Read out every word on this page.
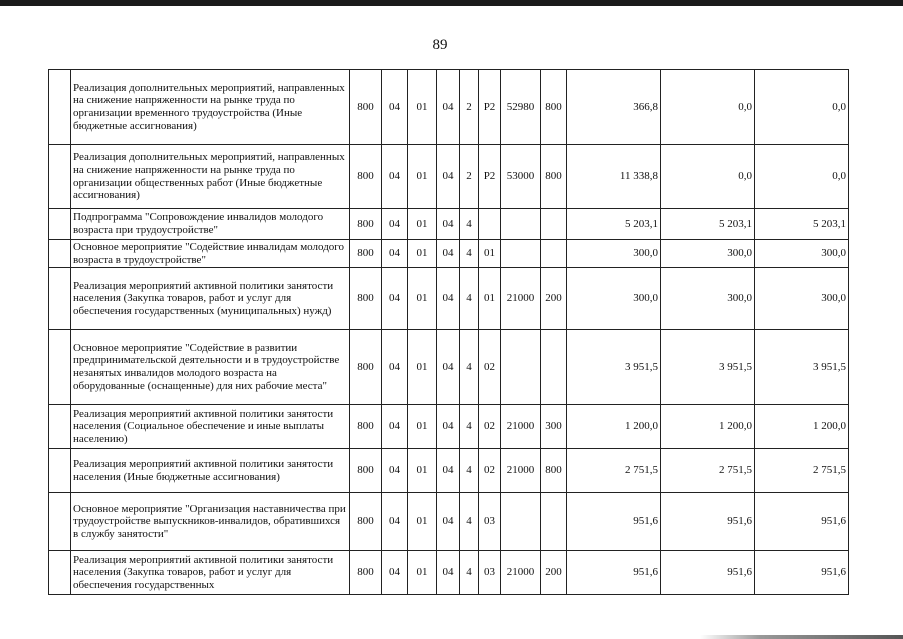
89
	Реализация дополнительных мероприятий, направленных на снижение напряженности на рынке труда по организации временного трудоустройства (Иные бюджетные ассигнования)	800	04	01	04	2	P2	52980	800	366,8	0,0	0,0
	Реализация дополнительных мероприятий, направленных на снижение напряженности на рынке труда по организации общественных работ (Иные бюджетные ассигнования)	800	04	01	04	2	P2	53000	800	11 338,8	0,0	0,0
	Подпрограмма "Сопровождение инвалидов молодого возраста при трудоустройстве"	800	04	01	04	4				5 203,1	5 203,1	5 203,1
	Основное мероприятие "Содействие инвалидам молодого возраста в трудоустройстве"	800	04	01	04	4	01			300,0	300,0	300,0
	Реализация мероприятий активной политики занятости населения (Закупка товаров, работ и услуг для обеспечения государственных (муниципальных) нужд)	800	04	01	04	4	01	21000	200	300,0	300,0	300,0
	Основное мероприятие "Содействие в развитии предпринимательской деятельности и в трудоустройстве незанятых инвалидов молодого возраста на оборудованные (оснащенные) для них рабочие места"	800	04	01	04	4	02			3 951,5	3 951,5	3 951,5
	Реализация мероприятий активной политики занятости населения (Социальное обеспечение и иные выплаты населению)	800	04	01	04	4	02	21000	300	1 200,0	1 200,0	1 200,0
	Реализация мероприятий активной политики занятости населения (Иные бюджетные ассигнования)	800	04	01	04	4	02	21000	800	2 751,5	2 751,5	2 751,5
	Основное мероприятие "Организация наставничества при трудоустройстве выпускников-инвалидов, обратившихся в службу занятости"	800	04	01	04	4	03			951,6	951,6	951,6
	Реализация мероприятий активной политики занятости населения (Закупка товаров, работ и услуг для обеспечения государственных	800	04	01	04	4	03	21000	200	951,6	951,6	951,6
